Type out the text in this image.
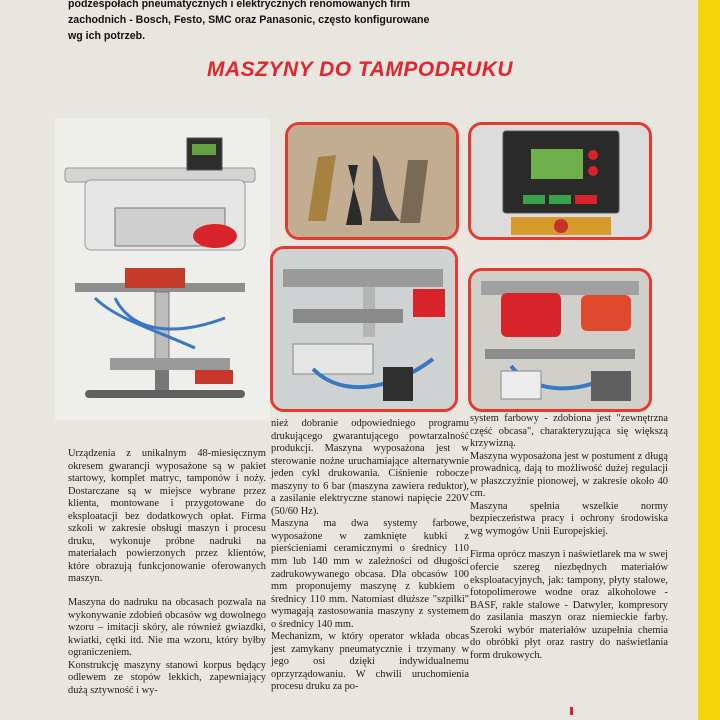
podzespołach pneumatycznych i elektrycznych renomowanych firm
zachodnich - Bosch, Festo, SMC oraz Panasonic, często konfigurowane
wg ich potrzeb.
MASZYNY DO TAMPODRUKU

Urządzenia z unikalnym 48-miesięcznym okresem gwarancji wyposażone są w pakiet startowy, komplet matryc, tamponów i noży. Dostarczane są w miejsce wybrane przez klienta, montowane i przygotowane do eksploatacji bez dodatkowych opłat. Firma szkoli w zakresie obsługi maszyn i procesu druku, wykonuje próbne nadruki na materiałach powierzonych przez klientów, które obrazują funkcjonowanie oferowanych maszyn.

Maszyna do nadruku na obcasach pozwala na wykonywanie zdobień obcasów wg dowolnego wzoru – imitacji skóry, ale również gwiazdki, kwiatki, cętki itd. Nie ma wzoru, który byłby ograniczeniem.

Konstrukcję maszyny stanowi korpus będący odlewem ze stopów lekkich, zapewniający dużą sztywność i wy-

nież dobranie odpowiedniego programu drukującego gwarantującego powtarzalność produkcji. Maszyna wyposażona jest w sterowanie nożne uruchamiające alternatywnie jeden cykl drukowania. Ciśnienie robocze maszyny to 6 bar (maszyna zawiera reduktor), a zasilanie elektryczne stanowi napięcie 220V (50/60 Hz).

Maszyna ma dwa systemy farbowe, wyposażone w zamknięte kubki z pierścieniami ceramicznymi o średnicy 110 mm lub 140 mm w zależności od długości zadrukowywanego obcasa. Dla obcasów 100 mm proponujemy maszynę z kubkiem o średnicy 110 mm. Natomiast dłuższe "szpilki" wymagają zastosowania maszyny z systemem o średnicy 140 mm.

Mechanizm, w który operator wkłada obcas jest zamykany pneumatycznie i trzymany w jego osi dzięki indywidualnemu oprzyrządowaniu. W chwili uruchomienia procesu druku za po-

system farbowy - zdobiona jest "zewnętrzna część obcasa", charakteryzująca się większą krzywizną.

Maszyna wyposażona jest w postument z długą prowadnicą, dają to możliwość dużej regulacji w płaszczyźnie pionowej, w zakresie około 40 cm.

Maszyna spełnia wszelkie normy bezpieczeństwa pracy i ochrony środowiska wg wymogów Unii Europejskiej.

Firma oprócz maszyn i naświetlarek ma w swej ofercie szereg niezbędnych materiałów eksploatacyjnych, jak: tampony, płyty stalowe, fotopolimerowe wodne oraz alkoholowe - BASF, rakle stalowe - Datwyler, kompresory do zasilania maszyn oraz niemieckie farby. Szeroki wybór materiałów uzupełnia chemia do obróbki płyt oraz rastry do naświetlania form drukowych.
